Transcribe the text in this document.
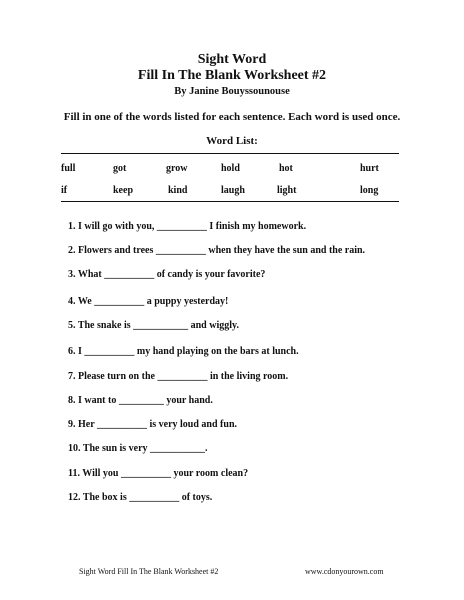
Sight Word
Fill In The Blank Worksheet #2
By Janine Bouyssounouse
Fill in one of the words listed for each sentence. Each word is used once.
Word List:
full	got	grow	hold	hot	hurt
if	keep	kind	laugh	light	long
1. I will go with you, __________ I finish my homework.
2. Flowers and trees __________ when they have the sun and the rain.
3. What __________ of candy is your favorite?
4. We __________ a puppy yesterday!
5. The snake is ___________ and wiggly.
6. I __________ my hand playing on the bars at lunch.
7. Please turn on the __________ in the living room.
8. I want to _________ your hand.
9. Her __________ is very loud and fun.
10. The sun is very ___________.
11. Will you __________ your room clean?
12. The box is __________ of toys.
Sight Word Fill In The Blank Worksheet #2	www.cdonyourown.com
